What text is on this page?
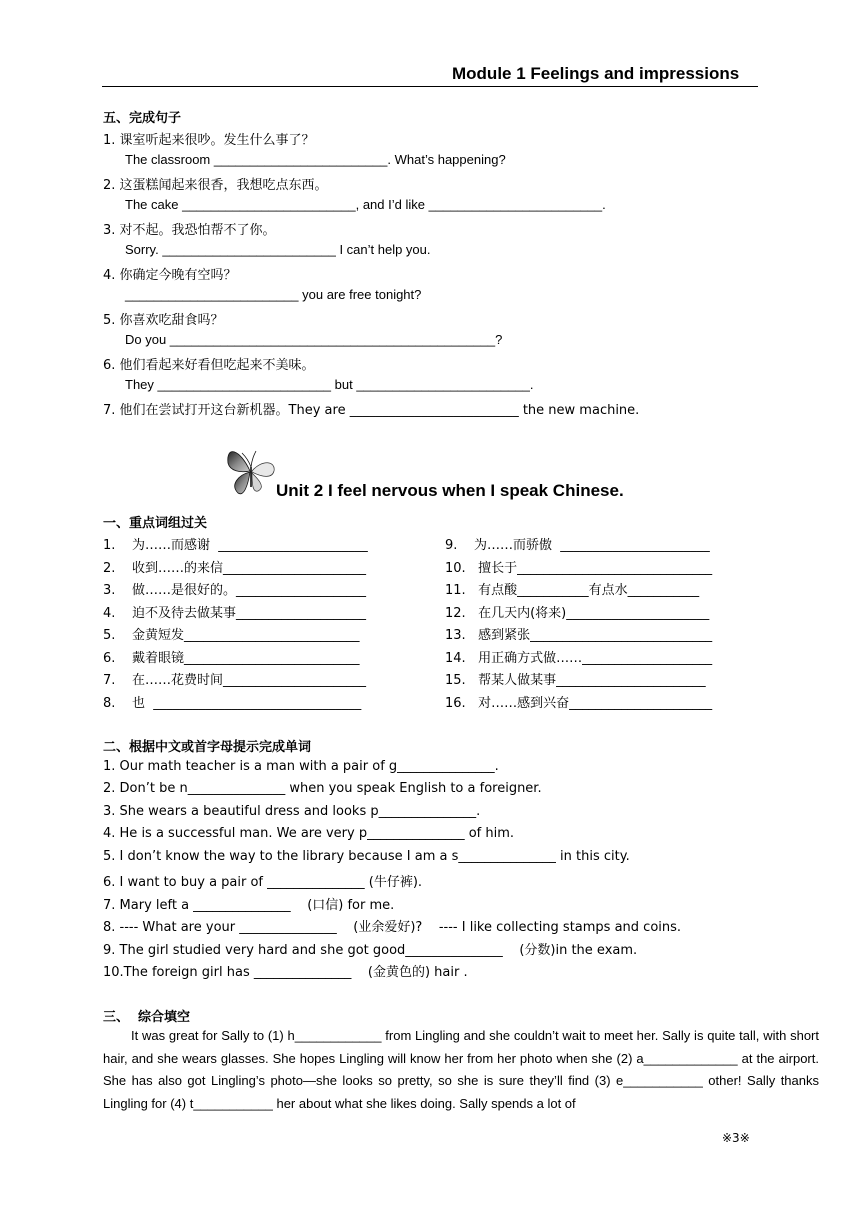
Module 1 Feelings and impressions
五、完成句子
1. 课室听起来很吵。发生什么事了？
The classroom ________________________. What’s happening?
2. 这蛋糕闻起来很香，我想吃点东西。
The cake ________________________, and I’d like ________________________.
3. 对不起。我恐怕帮不了你。
Sorry. ________________________ I can’t help you.
4. 你确定今晚有空吗？
________________________ you are free tonight?
5. 你喜欢吃甜食吗？
Do you _____________________________________________?
6. 他们看起来好看但吃起来不美味。
They ________________________ but ________________________.
7. 他们在尝试打开这台新机器。They are __________________________ the new machine.
Unit 2 I feel nervous when I speak Chinese.
一、重点词组过关
1. 为……而感谢  _______________________
2. 收到……的来信______________________
3. 做……是很好的。____________________
4. 迫不及待去做某事____________________
5. 金黄短发___________________________
6. 戴着眼镜___________________________
7. 在……花费时间______________________
8. 也  ________________________________
9. 为……而骄傲  _______________________
10. 擅长于______________________________
11. 有点酸___________有点水___________
12. 在几天内(将来)______________________
13. 感到紧张____________________________
14. 用正确方式做……____________________
15. 帮某人做某事_______________________
16. 对……感到兴奋______________________
二、根据中文或首字母提示完成单词
1. Our math teacher is a man with a pair of g_______________.
2. Don’t be n_______________ when you speak English to a foreigner.
3. She wears a beautiful dress and looks p_______________.
4. He is a successful man. We are very p_______________ of him.
5. I don’t know the way to the library because I am a s_______________ in this city.
6. I want to buy a pair of _______________ (牛仔裤).
7. Mary left a _______________    (口信) for me.
8. ---- What are your _______________    (业余爱好)?    ---- I like collecting stamps and coins.
9. The girl studied very hard and she got good_______________    (分数)in the exam.
10.The foreign girl has _______________    (金黄色的) hair .
三、  综合填空
It was great for Sally to (1) h____________ from Lingling and she couldn’t wait to meet her. Sally is quite tall, with short hair, and she wears glasses. She hopes Lingling will know her from her photo when she (2) a_____________ at the airport. She has also got Lingling’s photo—she looks so pretty, so she is sure they’ll find (3) e___________ other! Sally thanks Lingling for (4) t___________ her about what she likes doing. Sally spends a lot of
※3※
